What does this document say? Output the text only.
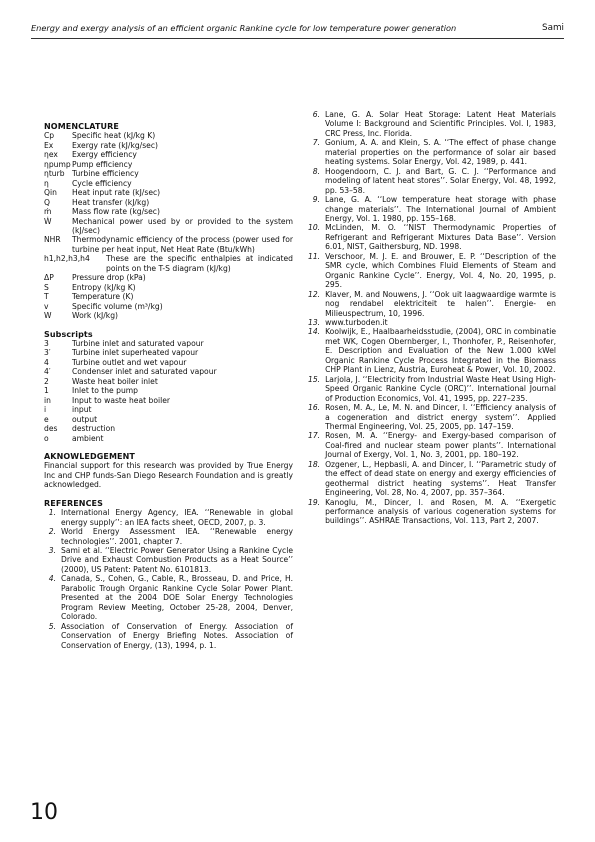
Energy and exergy analysis of an efficient organic Rankine cycle for low temperature power generation	Sami
NOMENCLATURE
Cp	Specific heat (kJ/kg K)
Ex	Exergy rate (kJ/kg/sec)
ηex	Exergy efficiency
ηpump Pump efficiency
ηturb Turbine efficiency
η	Cycle efficiency
Qin	Heat input rate (kJ/sec)
Q	Heat transfer (kJ/kg)
ṁ	Mass flow rate (kg/sec)
Ẇ	Mechanical power used by or provided to the system (kJ/sec)
NHR	Thermodynamic efficiency of the process (power used for turbine per heat input, Net Heat Rate (Btu/kWh)
h1,h2,h3,h4	These are the specific enthalpies at indicated points on the T-S diagram (kJ/kg)
ΔP	Pressure drop (kPa)
S	Entropy (kJ/kg K)
T	Temperature (K)
v	Specific volume (m³/kg)
W	Work (kJ/kg)
Subscripts
3	Turbine inlet and saturated vapour
3′	Turbine inlet superheated vapour
4	Turbine outlet and wet vapour
4′	Condenser inlet and saturated vapour
2	Waste heat boiler inlet
1	Inlet to the pump
in	Input to waste heat boiler
i	input
e	output
des	destruction
o	ambient
AKNOWLEDGEMENT
Financial support for this research was provided by True Energy Inc and CHP funds-San Diego Research Foundation and is greatly acknowledged.
REFERENCES
1. International Energy Agency, IEA. ‘‘Renewable in global energy supply’’: an IEA facts sheet, OECD, 2007, p. 3.
2. World Energy Assessment IEA. ‘‘Renewable energy technologies’’. 2001, chapter 7.
3. Sami et al. ‘‘Electric Power Generator Using a Rankine Cycle Drive and Exhaust Combustion Products as a Heat Source’’ (2000), US Patent: Patent No. 6101813.
4. Canada, S., Cohen, G., Cable, R., Brosseau, D. and Price, H. Parabolic Trough Organic Rankine Cycle Solar Power Plant. Presented at the 2004 DOE Solar Energy Technologies Program Review Meeting, October 25-28, 2004, Denver, Colorado.
5. Association of Conservation of Energy. Association of Conservation of Energy Briefing Notes. Association of Conservation of Energy, (13), 1994, p. 1.
6. Lane, G. A. Solar Heat Storage: Latent Heat Materials Volume I: Background and Scientific Principles. Vol. I, 1983, CRC Press, Inc. Florida.
7. Gonium, A. A. and Klein, S. A. ‘‘The effect of phase change material properties on the performance of solar air based heating systems. Solar Energy, Vol. 42, 1989, p. 441.
8. Hoogendoorn, C. J. and Bart, G. C. J. ‘‘Performance and modeling of latent heat stores’’. Solar Energy, Vol. 48, 1992, pp. 53–58.
9. Lane, G. A. ‘‘Low temperature heat storage with phase change materials’’. The International Journal of Ambient Energy, Vol. 1. 1980, pp. 155–168.
10. McLinden, M. O. ‘‘NIST Thermodynamic Properties of Refrigerant and Refrigerant Mixtures Data Base’’. Version 6.01, NIST, Gaithersburg, ND. 1998.
11. Verschoor, M. J. E. and Brouwer, E. P. ‘‘Description of the SMR cycle, which Combines Fluid Elements of Steam and Organic Rankine Cycle’’. Energy, Vol. 4, No. 20, 1995, p. 295.
12. Klaver, M. and Nouwens, J. ‘‘Ook uit laagwaardige warmte is nog rendabel elektriciteit te halen’’. Energie- en Milieuspectrum, 10, 1996.
13. www.turboden.it
14. Koolwijk, E., Haalbaarheidsstudie, (2004), ORC in combinatie met WK, Cogen Obernberger, I., Thonhofer, P., Reisenhofer, E. Description and Evaluation of the New 1.000 kWel Organic Rankine Cycle Process Integrated in the Biomass CHP Plant in Lienz, Austria, Euroheat & Power, Vol. 10, 2002.
15. Larjola, J. ‘‘Electricity from Industrial Waste Heat Using High-Speed Organic Rankine Cycle (ORC)’’. International Journal of Production Economics, Vol. 41, 1995, pp. 227–235.
16. Rosen, M. A., Le, M. N. and Dincer, I. ‘‘Efficiency analysis of a cogeneration and district energy system’’. Applied Thermal Engineering, Vol. 25, 2005, pp. 147–159.
17. Rosen, M. A. ‘‘Energy- and Exergy-based comparison of Coal-fired and nuclear steam power plants’’. International Journal of Exergy, Vol. 1, No. 3, 2001, pp. 180–192.
18. Ozgener, L., Hepbasli, A. and Dincer, I. ‘‘Parametric study of the effect of dead state on energy and exergy efficiencies of geothermal district heating systems’’. Heat Transfer Engineering, Vol. 28, No. 4, 2007, pp. 357–364.
19. Kanoglu, M., Dincer, I. and Rosen, M. A. ‘‘Exergetic performance analysis of various cogeneration systems for buildings’’. ASHRAE Transactions, Vol. 113, Part 2, 2007.
10
